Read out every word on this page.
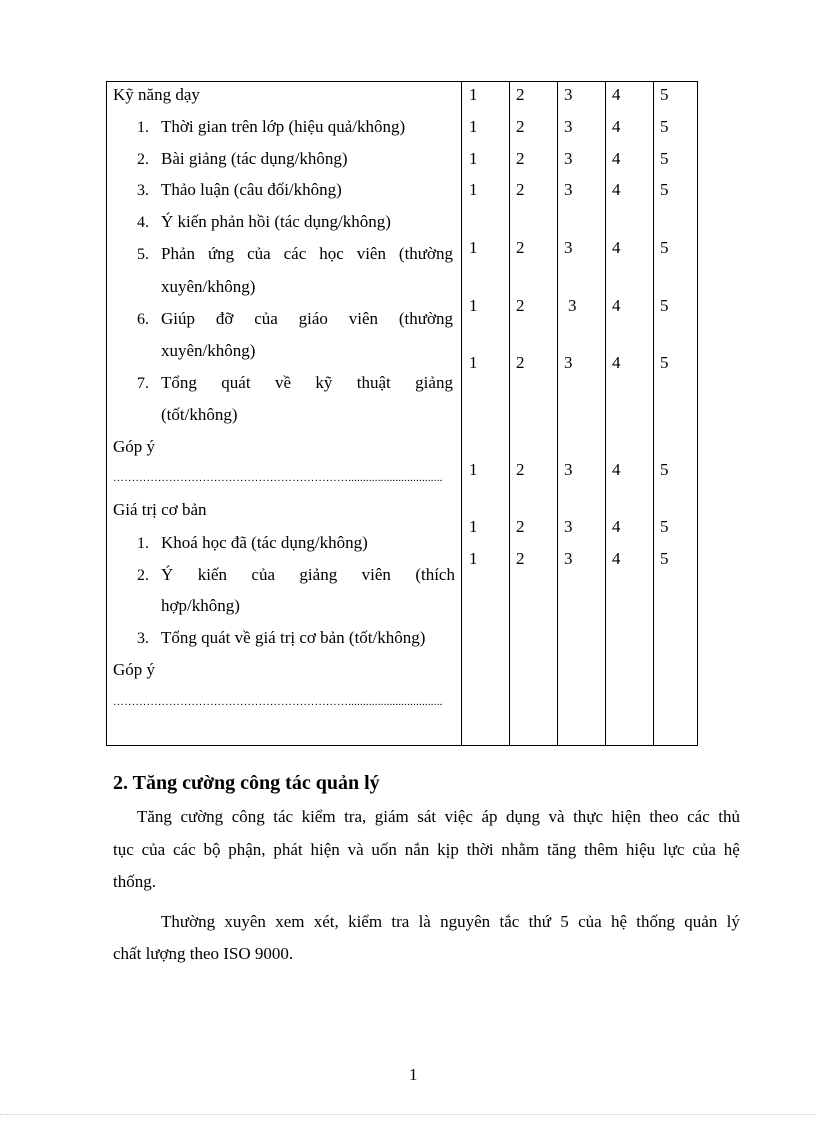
Kỹ năng dạy
1. Thời gian trên lớp (hiệu quả/không)
2. Bài giảng (tác dụng/không)
3. Thảo luận (câu đối/không)
4. Ý kiến phản hồi (tác dụng/không)
5. Phản ứng của các học viên (thường
xuyên/không)
6. Giúp đỡ của giáo viên (thường
xuyên/không)
7. Tổng quát về kỹ thuật giảng
(tốt/không)
Góp ý
………………………………………………………................................
Giá trị cơ bản
1. Khoá học đã (tác dụng/không)
2. Ý kiến của giảng viên (thích
hợp/không)
3. Tổng quát về giá trị cơ bản (tốt/không)
Góp ý
………………………………………………………................................
1 2 3 4 5
1 2 3 4 5
1 2 3 4 5
1 2 3 4 5
1 2 3 4 5
1 2	3 4 5
1 2 3 4 5
1 2 3 4 5
1 2 3 4 5
1 2 3 4 5
2. Tăng cường công tác quản lý
Tăng cường công tác kiểm tra, giám sát việc áp dụng và thực hiện theo các thủ
tục của các bộ phận, phát hiện và uốn nắn kịp thời nhằm tăng thêm hiệu lực của hệ
thống.
Thường xuyên xem xét, kiểm tra là nguyên tắc thứ 5 của hệ thống quản lý
chất lượng theo ISO 9000.
1
